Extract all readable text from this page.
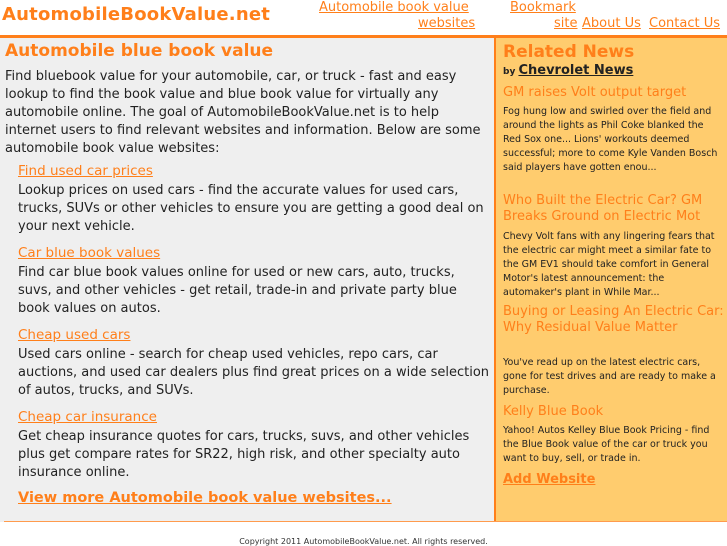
AutomobileBookValue.net	Automobile book value
websites
Bookmark
site About Us Contact Us
Automobile blue book value

Find bluebook value for your automobile, car, or truck - fast and easy lookup to find the book value and blue book value for virtually any automobile online. The goal of AutomobileBookValue.net is to help internet users to find relevant websites and information. Below are some automobile book value websites:

Find used car prices

Lookup prices on used cars - find the accurate values for used cars, trucks, SUVs or other vehicles to ensure you are getting a good deal on your next vehicle.

Car blue book values

Find car blue book values online for used or new cars, auto, trucks, suvs, and other vehicles - get retail, trade-in and private party blue book values on autos.

Cheap used cars

Used cars online - search for cheap used vehicles, repo cars, car auctions, and used car dealers plus find great prices on a wide selection of autos, trucks, and SUVs.

Cheap car insurance

Get cheap insurance quotes for cars, trucks, suvs, and other vehicles plus get compare rates for SR22, high risk, and other specialty auto insurance online.

View more Automobile book value websites...
Related News
by Chevrolet News
GM raises Volt output target

Fog hung low and swirled over the field and around the lights as Phil Coke blanked the Red Sox one... Lions' workouts deemed successful; more to come Kyle Vanden Bosch said players have gotten enou...

Who Built the Electric Car? GM Breaks Ground on Electric Mot

Chevy Volt fans with any lingering fears that the electric car might meet a similar fate to the GM EV1 should take comfort in General Motor's latest announcement: the automaker's plant in While Mar...

Buying or Leasing An Electric Car: Why Residual Value Matter

You've read up on the latest electric cars, gone for test drives and are ready to make a purchase.

Kelly Blue Book

Yahoo! Autos Kelley Blue Book Pricing - find the Blue Book value of the car or truck you want to buy, sell, or trade in.

Add Website
Copyright 2011 AutomobileBookValue.net. All rights reserved.
